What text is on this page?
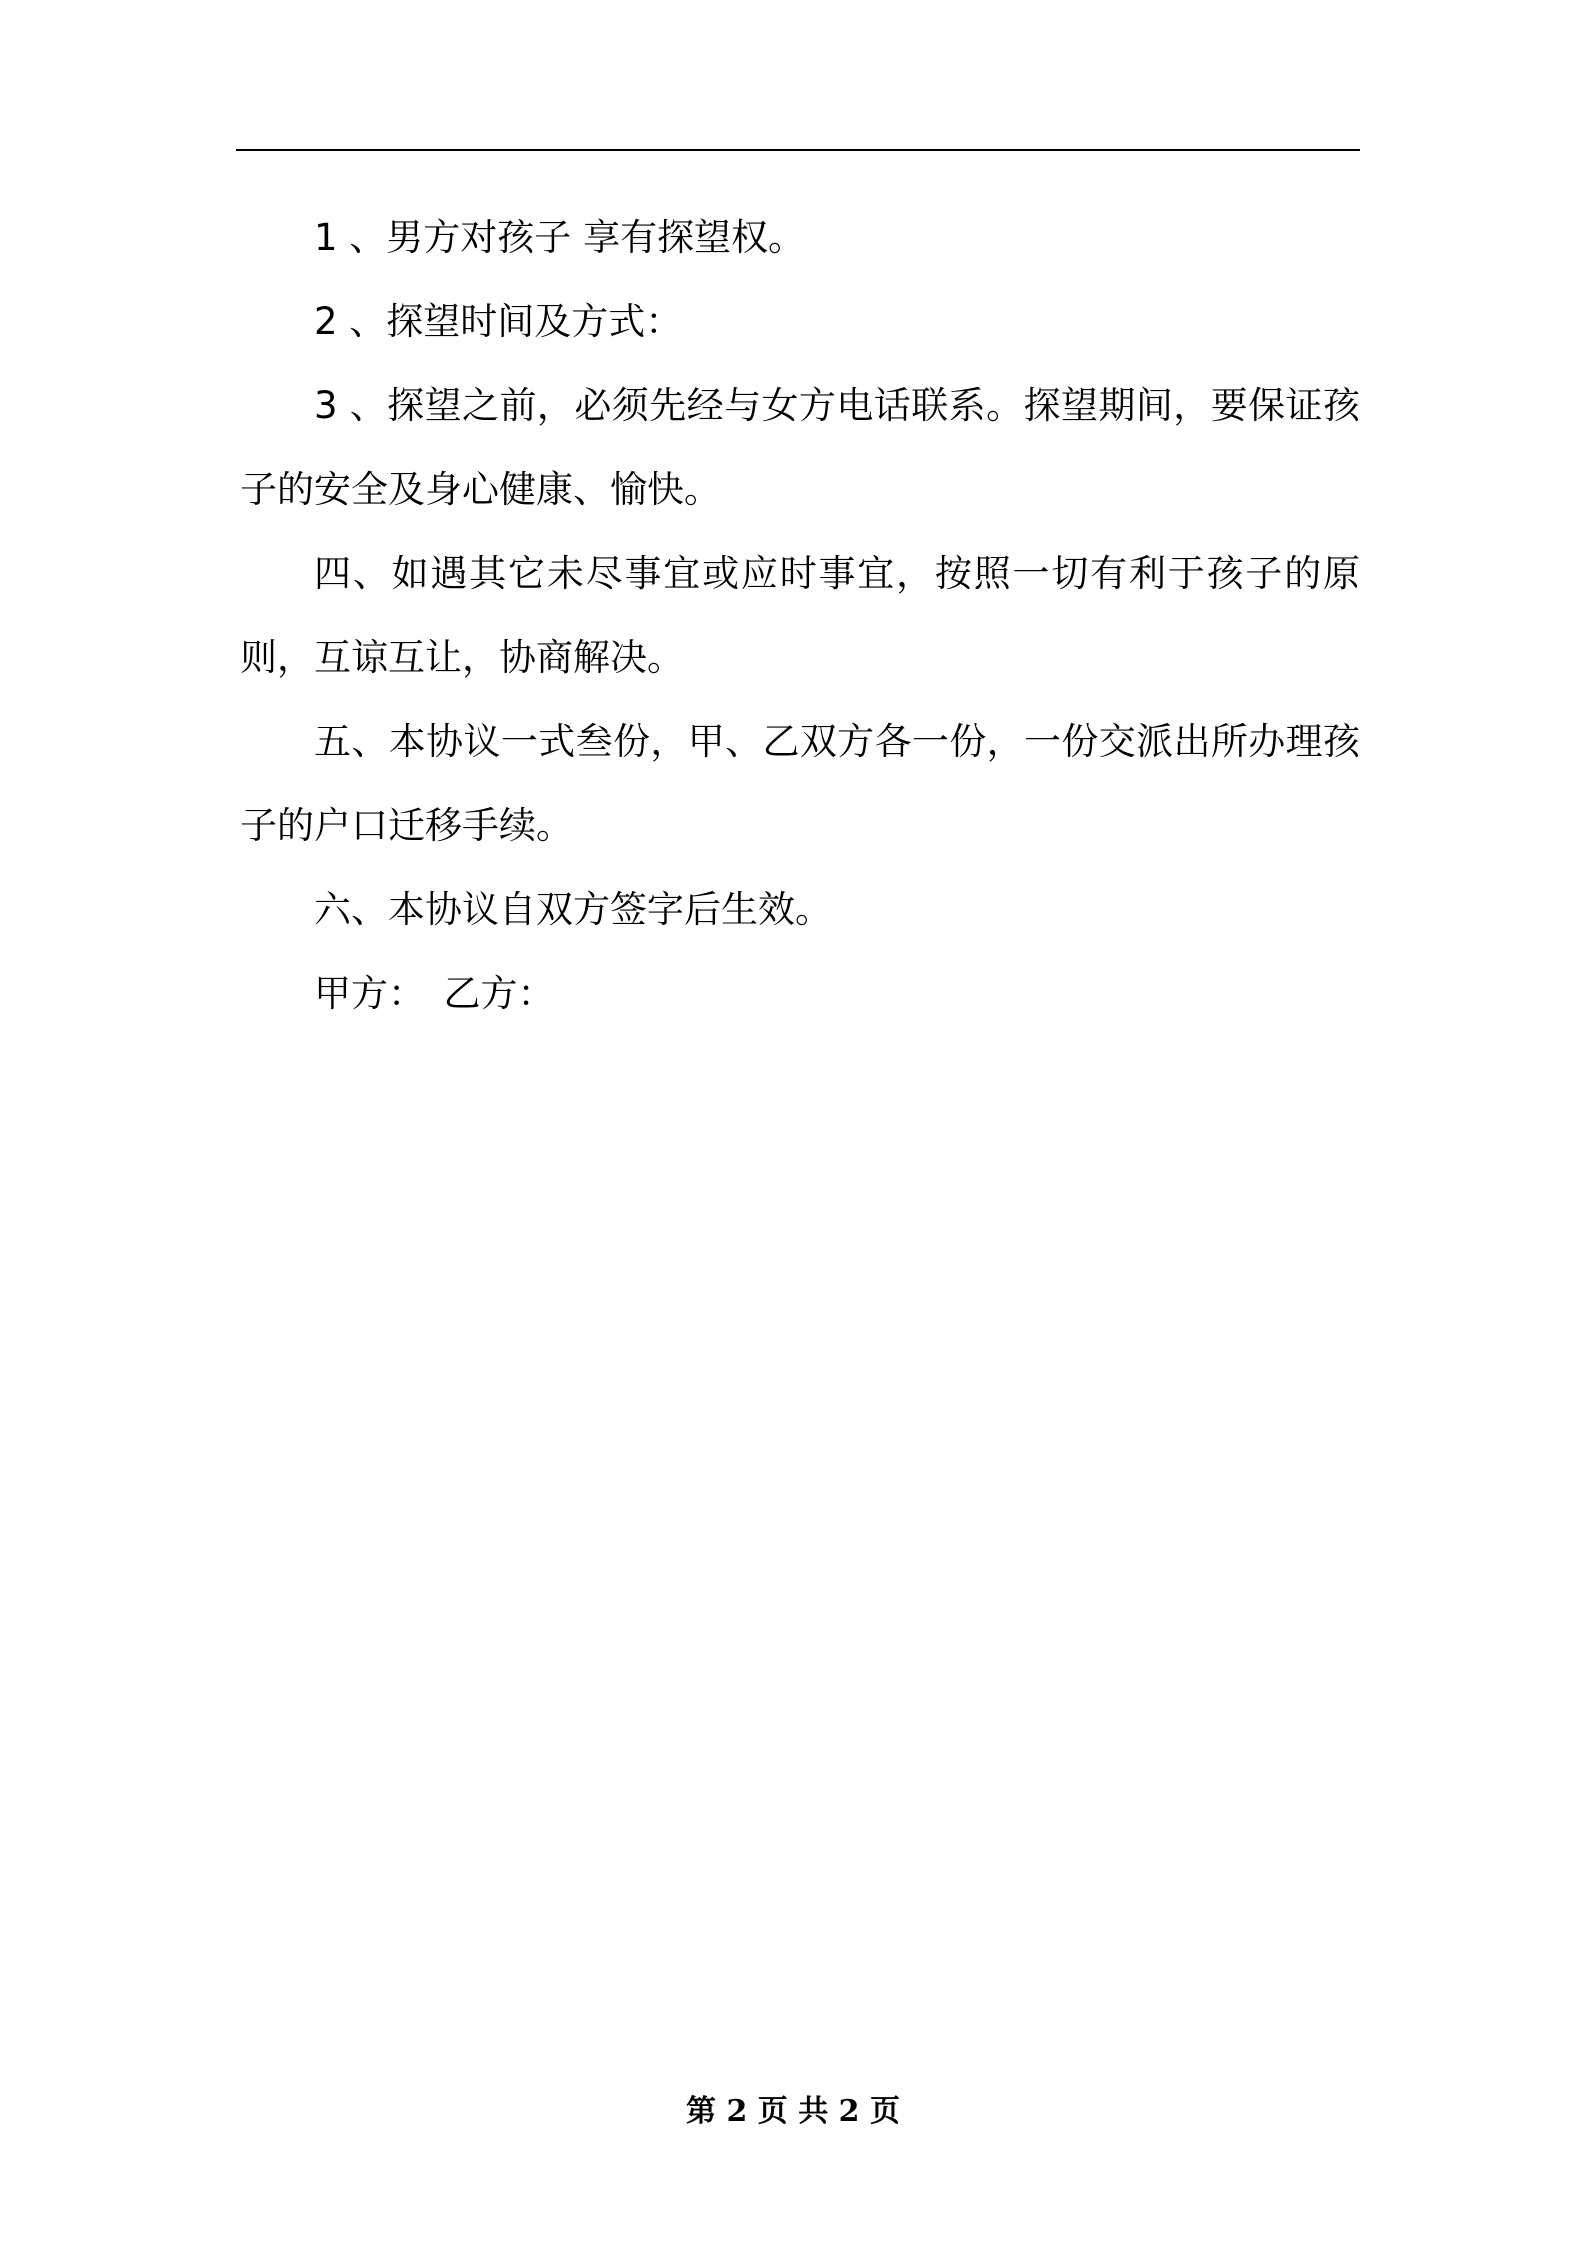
1 、男方对孩子 享有探望权。

2 、探望时间及方式：

3 、探望之前，必须先经与女方电话联系。探望期间，要保证孩子的安全及身心健康、愉快。

四、如遇其它未尽事宜或应时事宜，按照一切有利于孩子的原则，互谅互让，协商解决。

五、本协议一式叁份，甲、乙双方各一份，一份交派出所办理孩子的户口迁移手续。

六、本协议自双方签字后生效。

甲方：　乙方：

第 2 页 共 2 页
